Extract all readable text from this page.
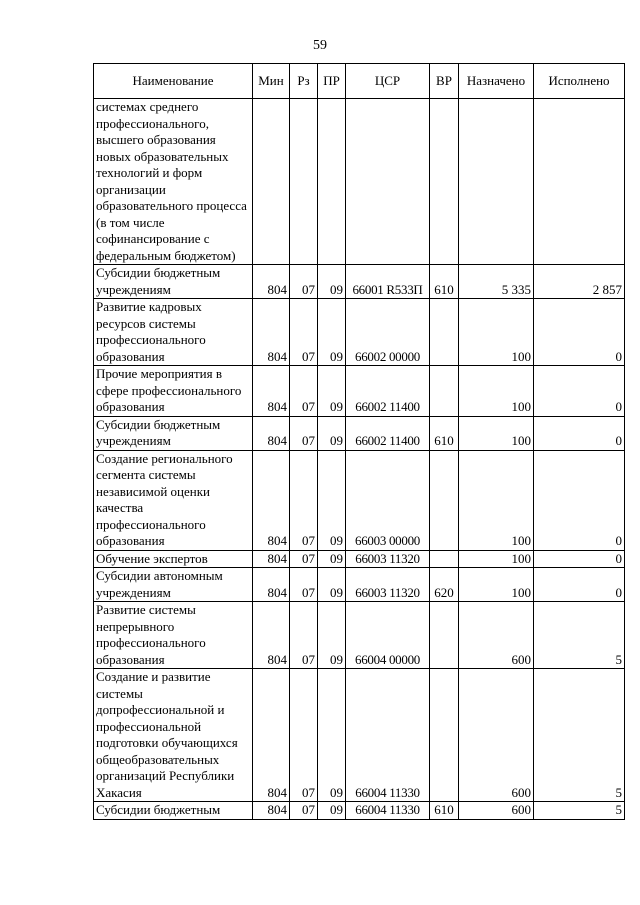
59
Наименование	Мин	Рз	ПР	ЦСР	ВР	Назначено	Исполнено
системах среднего профессионального, высшего образования новых образовательных технологий и форм организации образовательного процесса (в том числе софинансирование с федеральным бюджетом)							
Субсидии бюджетным учреждениям	804	07	09	66001 R533П	610	5 335	2 857
Развитие кадровых ресурсов системы профессионального образования	804	07	09	66002 00000		100	0
Прочие мероприятия в сфере профессионального образования	804	07	09	66002 11400		100	0
Субсидии бюджетным учреждениям	804	07	09	66002 11400	610	100	0
Создание регионального сегмента системы независимой оценки качества профессионального образования	804	07	09	66003 00000		100	0
Обучение экспертов	804	07	09	66003 11320		100	0
Субсидии автономным учреждениям	804	07	09	66003 11320	620	100	0
Развитие системы непрерывного профессионального образования	804	07	09	66004 00000		600	5
Создание и развитие системы допрофессиональной и профессиональной подготовки обучающихся общеобразовательных организаций Республики Хакасия	804	07	09	66004 11330		600	5
Субсидии бюджетным	804	07	09	66004 11330	610	600	5
